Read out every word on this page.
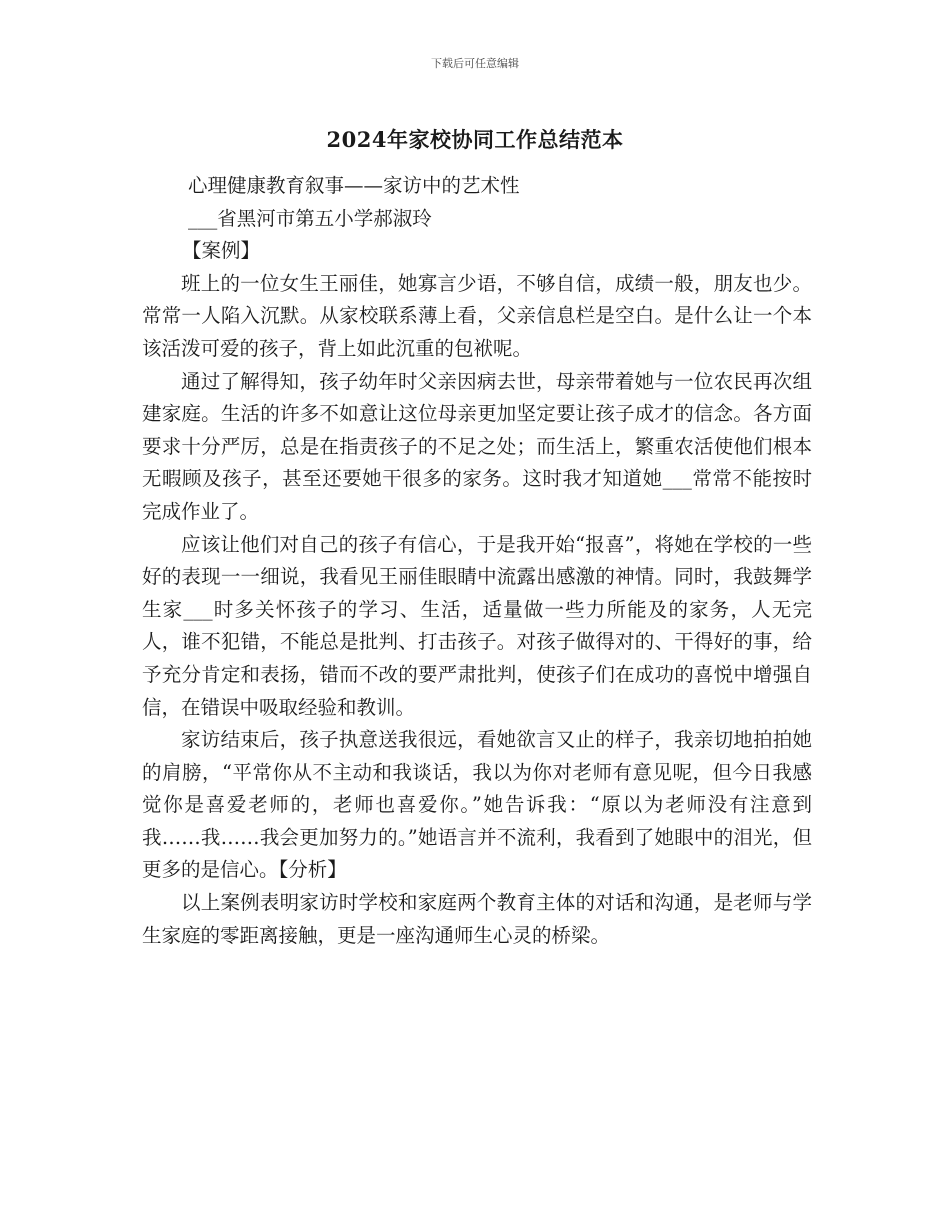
下载后可任意编辑
2024年家校协同工作总结范本

心理健康教育叙事——家访中的艺术性

___省黑河市第五小学郝淑玲

【案例】

班上的一位女生王丽佳，她寡言少语，不够自信，成绩一般，朋友也少。常常一人陷入沉默。从家校联系薄上看，父亲信息栏是空白。是什么让一个本该活泼可爱的孩子，背上如此沉重的包袱呢。

通过了解得知，孩子幼年时父亲因病去世，母亲带着她与一位农民再次组建家庭。生活的许多不如意让这位母亲更加坚定要让孩子成才的信念。各方面要求十分严厉，总是在指责孩子的不足之处；而生活上，繁重农活使他们根本无暇顾及孩子，甚至还要她干很多的家务。这时我才知道她___常常不能按时完成作业了。

应该让他们对自己的孩子有信心，于是我开始“报喜”，将她在学校的一些好的表现一一细说，我看见王丽佳眼睛中流露出感激的神情。同时，我鼓舞学生家___时多关怀孩子的学习、生活，适量做一些力所能及的家务，人无完人，谁不犯错，不能总是批判、打击孩子。对孩子做得对的、干得好的事，给予充分肯定和表扬，错而不改的要严肃批判，使孩子们在成功的喜悦中增强自信，在错误中吸取经验和教训。

家访结束后，孩子执意送我很远，看她欲言又止的样子，我亲切地拍拍她的肩膀，“平常你从不主动和我谈话，我以为你对老师有意见呢，但今日我感觉你是喜爱老师的，老师也喜爱你。”她告诉我：“原以为老师没有注意到我……我……我会更加努力的。”她语言并不流利，我看到了她眼中的泪光，但更多的是信心。【分析】

以上案例表明家访时学校和家庭两个教育主体的对话和沟通，是老师与学生家庭的零距离接触，更是一座沟通师生心灵的桥梁。
